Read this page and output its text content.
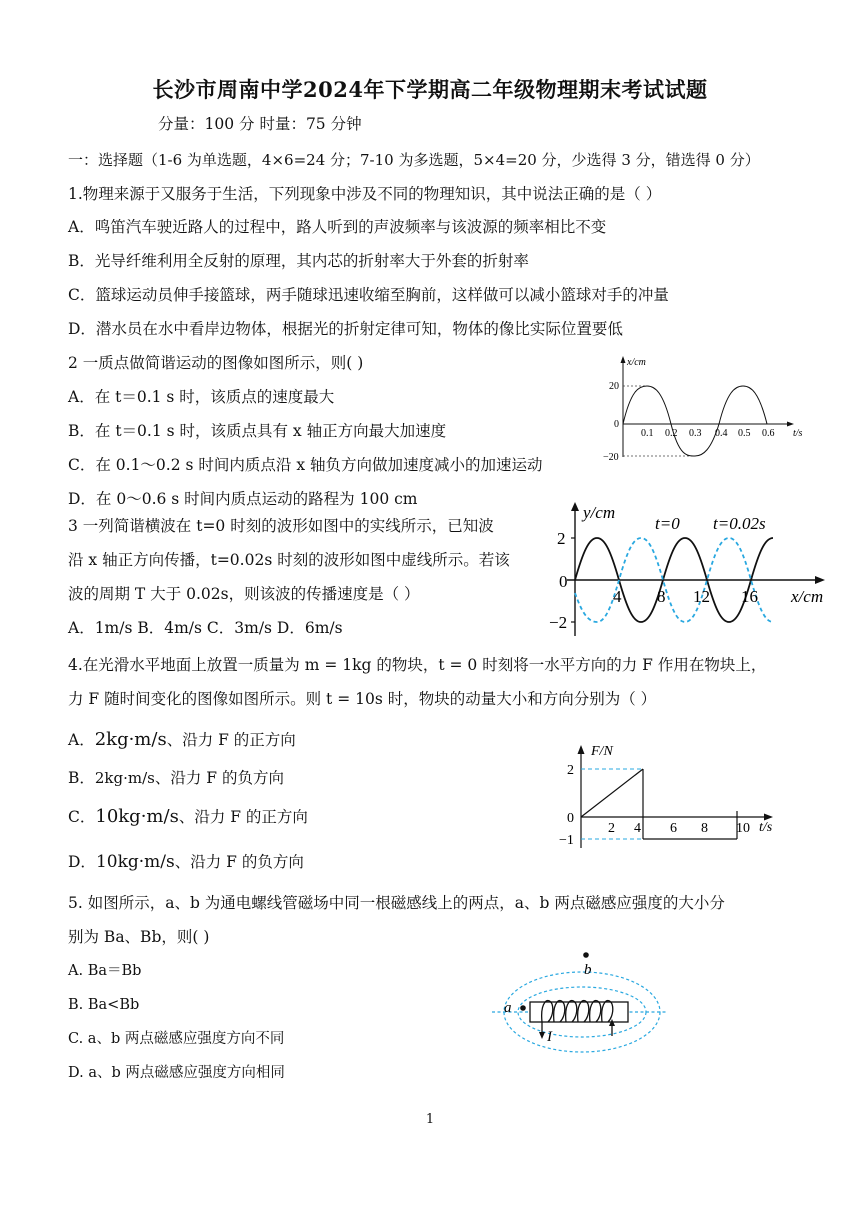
长沙市周南中学2024年下学期高二年级物理期末考试试题
分量：100 分 时量：75 分钟
一：选择题（1-6 为单选题，4×6=24 分；7-10 为多选题，5×4=20 分，少选得 3 分，错选得 0 分）
1.物理来源于又服务于生活，下列现象中涉及不同的物理知识，其中说法正确的是（ ）
A．鸣笛汽车驶近路人的过程中，路人听到的声波频率与该波源的频率相比不变
B．光导纤维利用全反射的原理，其内芯的折射率大于外套的折射率
C．篮球运动员伸手接篮球，两手随球迅速收缩至胸前，这样做可以减小篮球对手的冲量
D．潜水员在水中看岸边物体，根据光的折射定律可知，物体的像比实际位置要低
2 一质点做简谐运动的图像如图所示，则( )
A．在 t＝0.1 s 时，该质点的速度最大
B．在 t＝0.1 s 时，该质点具有 x 轴正方向最大加速度
C．在 0.1～0.2 s 时间内质点沿 x 轴负方向做加速度减小的加速运动
D．在 0～0.6 s 时间内质点运动的路程为 100 cm
x/cm
t/s
20
−20
0
0.1 0.2 0.3 0.4 0.5 0.6
3 一列简谐横波在 t=0 时刻的波形如图中的实线所示，已知波
沿 x 轴正方向传播，t=0.02s 时刻的波形如图中虚线所示。若该
波的周期 T 大于 0.02s，则该波的传播速度是（ ）
A．1m/s B．4m/s C．3m/s D．6m/s
y/cm
x/cm
t=0 t=0.02s
2
−2
0
4 8 12 16
4.在光滑水平地面上放置一质量为 m = 1kg 的物块，t = 0 时刻将一水平方向的力 F 作用在物块上，
力 F 随时间变化的图像如图所示。则 t = 10s 时，物块的动量大小和方向分别为（ ）
A．2kg·m/s、沿力 F 的正方向
B．2kg·m/s、沿力 F 的负方向
C．10kg·m/s、沿力 F 的正方向
D．10kg·m/s、沿力 F 的负方向
F/N
t/s
2
−1
0
2 4 6 8 10
5. 如图所示，a、b 为通电螺线管磁场中同一根磁感线上的两点，a、b 两点磁感应强度的大小分
别为 Ba、Bb，则( )
A. Ba＝Bb
B. Ba<Bb
C. a、b 两点磁感应强度方向不同
D. a、b 两点磁感应强度方向相同
a
b
I
1
